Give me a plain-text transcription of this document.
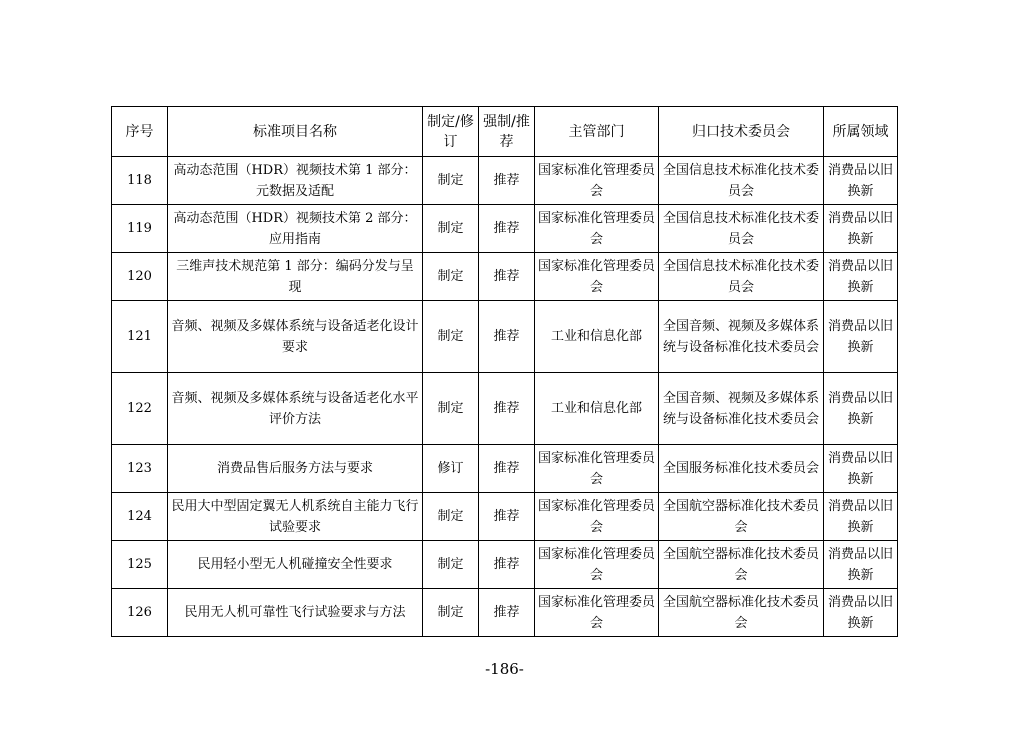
序号	标准项目名称	制定/修订	强制/推荐	主管部门	归口技术委员会	所属领域
118	高动态范围（HDR）视频技术第 1 部分：元数据及适配	制定	推荐	国家标准化管理委员会	全国信息技术标准化技术委员会	消费品以旧换新
119	高动态范围（HDR）视频技术第 2 部分：应用指南	制定	推荐	国家标准化管理委员会	全国信息技术标准化技术委员会	消费品以旧换新
120	三维声技术规范第 1 部分：编码分发与呈现	制定	推荐	国家标准化管理委员会	全国信息技术标准化技术委员会	消费品以旧换新
121	音频、视频及多媒体系统与设备适老化设计要求	制定	推荐	工业和信息化部	全国音频、视频及多媒体系统与设备标准化技术委员会	消费品以旧换新
122	音频、视频及多媒体系统与设备适老化水平评价方法	制定	推荐	工业和信息化部	全国音频、视频及多媒体系统与设备标准化技术委员会	消费品以旧换新
123	消费品售后服务方法与要求	修订	推荐	国家标准化管理委员会	全国服务标准化技术委员会	消费品以旧换新
124	民用大中型固定翼无人机系统自主能力飞行试验要求	制定	推荐	国家标准化管理委员会	全国航空器标准化技术委员会	消费品以旧换新
125	民用轻小型无人机碰撞安全性要求	制定	推荐	国家标准化管理委员会	全国航空器标准化技术委员会	消费品以旧换新
126	民用无人机可靠性飞行试验要求与方法	制定	推荐	国家标准化管理委员会	全国航空器标准化技术委员会	消费品以旧换新
-186-
